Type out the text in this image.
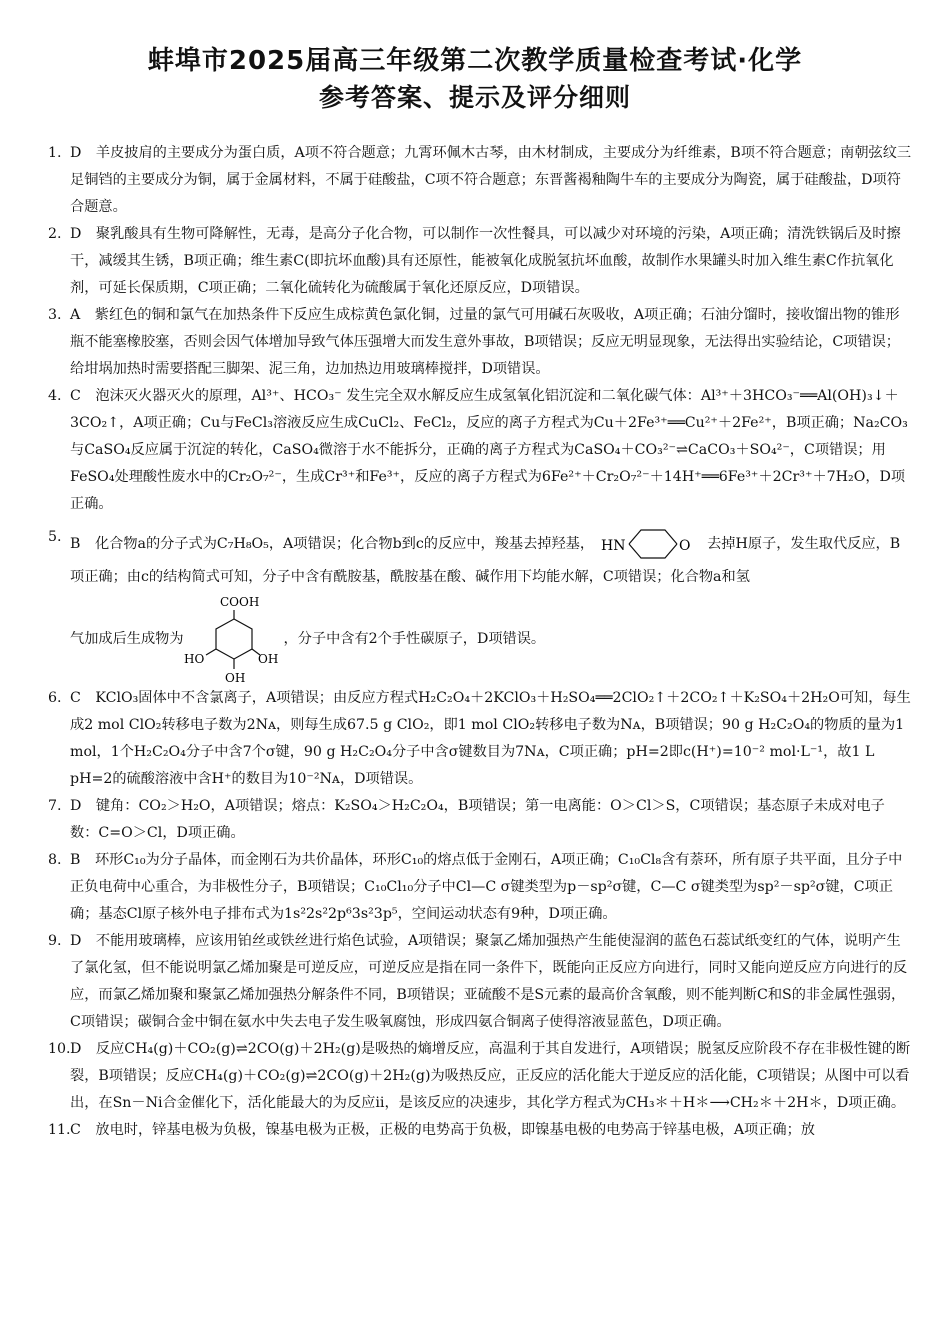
蚌埠市2025届高三年级第二次教学质量检查考试·化学
参考答案、提示及评分细则
1. D 羊皮披肩的主要成分为蛋白质，A项不符合题意；九霄环佩木古琴，由木材制成，主要成分为纤维素，B项不符合题意；南朝弦纹三足铜铛的主要成分为铜，属于金属材料，不属于硅酸盐，C项不符合题意；东晋酱褐釉陶牛车的主要成分为陶瓷，属于硅酸盐，D项符合题意。
2. D 聚乳酸具有生物可降解性，无毒，是高分子化合物，可以制作一次性餐具，可以减少对环境的污染，A项正确；清洗铁锅后及时擦干，减缓其生锈，B项正确；维生素C(即抗坏血酸)具有还原性，能被氧化成脱氢抗坏血酸，故制作水果罐头时加入维生素C作抗氧化剂，可延长保质期，C项正确；二氧化硫转化为硫酸属于氧化还原反应，D项错误。
3. A 紫红色的铜和氯气在加热条件下反应生成棕黄色氯化铜，过量的氯气可用碱石灰吸收，A项正确；石油分馏时，接收馏出物的锥形瓶不能塞橡胶塞，否则会因气体增加导致气体压强增大而发生意外事故，B项错误；反应无明显现象，无法得出实验结论，C项错误；给坩埚加热时需要搭配三脚架、泥三角，边加热边用玻璃棒搅拌，D项错误。
4. C 泡沫灭火器灭火的原理，Al³⁺、HCO₃⁻ 发生完全双水解反应生成氢氧化铝沉淀和二氧化碳气体：Al³⁺＋3HCO₃⁻══Al(OH)₃↓＋3CO₂↑，A项正确；Cu与FeCl₃溶液反应生成CuCl₂、FeCl₂，反应的离子方程式为Cu＋2Fe³⁺══Cu²⁺＋2Fe²⁺，B项正确；Na₂CO₃与CaSO₄反应属于沉淀的转化，CaSO₄微溶于水不能拆分，正确的离子方程式为CaSO₄＋CO₃²⁻⇌CaCO₃＋SO₄²⁻，C项错误；用FeSO₄处理酸性废水中的Cr₂O₇²⁻，生成Cr³⁺和Fe³⁺，反应的离子方程式为6Fe²⁺＋Cr₂O₇²⁻＋14H⁺══6Fe³⁺＋2Cr³⁺＋7H₂O，D项正确。
5. B 化合物a的分子式为C₇H₈O₅，A项错误；化合物b到c的反应中，羧基去掉羟基， HN	O 去掉H原子，发生取代反应，B项正确；由c的结构简式可知，分子中含有酰胺基，酰胺基在酸、碱作用下均能水解，C项错误；化合物a和氢
气加成后生成物为
COOH
HO	OH
OH
，分子中含有2个手性碳原子，D项错误。
6. C KClO₃固体中不含氯离子，A项错误；由反应方程式H₂C₂O₄＋2KClO₃＋H₂SO₄══2ClO₂↑＋2CO₂↑＋K₂SO₄＋2H₂O可知，每生成2 mol ClO₂转移电子数为2Nᴀ，则每生成67.5 g ClO₂，即1 mol ClO₂转移电子数为Nᴀ，B项错误；90 g H₂C₂O₄的物质的量为1 mol，1个H₂C₂O₄分子中含7个σ键，90 g H₂C₂O₄分子中含σ键数目为7Nᴀ，C项正确；pH=2即c(H⁺)=10⁻² mol·L⁻¹，故1 L pH=2的硫酸溶液中含H⁺的数目为10⁻²Nᴀ，D项错误。
7. D 键角：CO₂＞H₂O，A项错误；熔点：K₂SO₄＞H₂C₂O₄，B项错误；第一电离能：O＞Cl＞S，C项错误；基态原子未成对电子数：C=O＞Cl，D项正确。
8. B 环形C₁₀为分子晶体，而金刚石为共价晶体，环形C₁₀的熔点低于金刚石，A项正确；C₁₀Cl₈含有萘环，所有原子共平面，且分子中正负电荷中心重合，为非极性分子，B项错误；C₁₀Cl₁₀分子中Cl—C σ键类型为p－sp²σ键，C—C σ键类型为sp²－sp²σ键，C项正确；基态Cl原子核外电子排布式为1s²2s²2p⁶3s²3p⁵，空间运动状态有9种，D项正确。
9. D 不能用玻璃棒，应该用铂丝或铁丝进行焰色试验，A项错误；聚氯乙烯加强热产生能使湿润的蓝色石蕊试纸变红的气体，说明产生了氯化氢，但不能说明氯乙烯加聚是可逆反应，可逆反应是指在同一条件下，既能向正反应方向进行，同时又能向逆反应方向进行的反应，而氯乙烯加聚和聚氯乙烯加强热分解条件不同，B项错误；亚硫酸不是S元素的最高价含氧酸，则不能判断C和S的非金属性强弱，C项错误；碳铜合金中铜在氨水中失去电子发生吸氧腐蚀，形成四氨合铜离子使得溶液显蓝色，D项正确。
10. D 反应CH₄(g)＋CO₂(g)⇌2CO(g)＋2H₂(g)是吸热的熵增反应，高温利于其自发进行，A项错误；脱氢反应阶段不存在非极性键的断裂，B项错误；反应CH₄(g)＋CO₂(g)⇌2CO(g)＋2H₂(g)为吸热反应，正反应的活化能大于逆反应的活化能，C项错误；从图中可以看出，在Sn－Ni合金催化下，活化能最大的为反应ⅱ，是该反应的决速步，其化学方程式为CH₃＊＋H＊⟶CH₂＊＋2H＊，D项正确。
11. C 放电时，锌基电极为负极，镍基电极为正极，正极的电势高于负极，即镍基电极的电势高于锌基电极，A项正确；放
